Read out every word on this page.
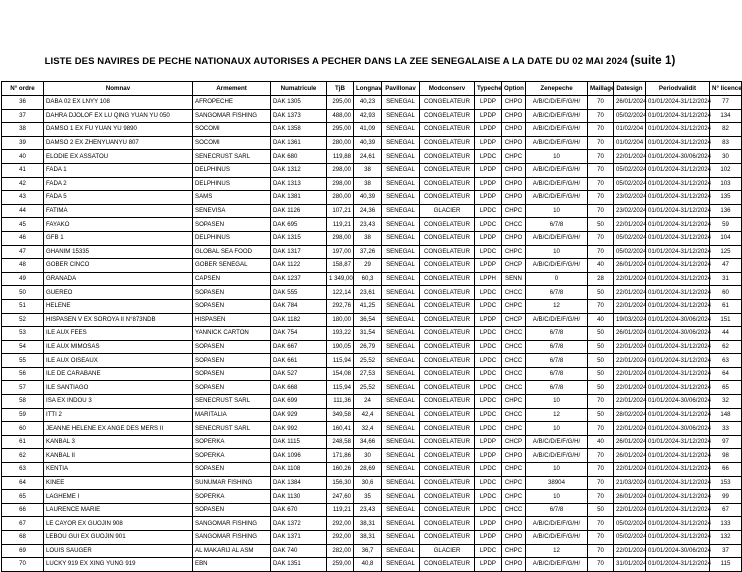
LISTE DES NAVIRES DE PECHE NATIONAUX AUTORISES A PECHER DANS LA ZEE SENEGALAISE A LA DATE DU 02 MAI 2024 (suite 1)
N° ordre	Nomnav	Armement	Numatricule	TjB	Longnav	Pavillonav	Modconserv	Typeche	Option	Zenepeche	Maillage	Datesign	Periodvalidit	N° licence
36	DABA 02 EX LNYY 108	AFROPECHE	DAK 1305	295,00	40,23	SENEGAL	CONGELATEUR	LPDP	CHPO	A/B/C/D/E/F/G/H/	70	26/01/2024	01/01/2024-31/12/2024	77
37	DAHRA DJOLOF EX LU QING YUAN YU 050	SANGOMAR FISHING	DAK 1373	488,00	42,93	SENEGAL	CONGELATEUR	LPDP	CHPO	A/B/C/D/E/F/G/H/	70	05/02/2024	01/01/2024-31/12/2024	134
38	DAMSO 1 EX FU YUAN YU 9890	SOCOMI	DAK 1358	295,00	41,09	SENEGAL	CONGELATEUR	LPDP	CHPO	A/B/C/D/E/F/G/H/	70	01/02/204	01/01/2024-31/12/2024	82
39	DAMSO 2 EX ZHENYUANYU 807	SOCOMI	DAK 1361	280,00	40,39	SENEGAL	CONGELATEUR	LPDP	CHPO	A/B/C/D/E/F/G/H/	70	01/02/204	01/01/2024-31/12/2024	83
40	ELODIE EX ASSATOU	SENECRUST SARL	DAK 680	119,88	24,61	SENEGAL	CONGELATEUR	LPDC	CHPC	10	70	22/01/2024	01/01/2024-30/06/2024	30
41	FADA 1	DELPHINUS	DAK 1312	298,00	38	SENEGAL	CONGELATEUR	LPDP	CHPO	A/B/C/D/E/F/G/H/	70	05/02/2024	01/01/2024-31/12/2024	102
42	FADA 2	DELPHINUS	DAK 1313	298,00	38	SENEGAL	CONGELATEUR	LPDP	CHPO	A/B/C/D/E/F/G/H/	70	05/02/2024	01/01/2024-31/12/2024	103
43	FADA 5	SAMS	DAK 1381	280,00	40,39	SENEGAL	CONGELATEUR	LPDP	CHPO	A/B/C/D/E/F/G/H/	70	23/02/2024	01/01/2024-31/12/2024	135
44	FATIMA	SENEVISA	DAK 1126	107,21	24,36	SENEGAL	GLACIER	LPDC	CHPC	10	70	23/02/2024	01/01/2024-31/12/2024	136
45	FAYAKO	SOPASEN	DAK 695	119,21	23,43	SENEGAL	CONGELATEUR	LPDC	CHCC	6/7/8	50	22/01/2024	01/01/2024-31/12/2024	59
46	GFB 1	DELPHINUS	DAK 1315	298,00	38	SENEGAL	CONGELATEUR	LPDP	CHPO	A/B/C/D/E/F/G/H/	70	05/02/2024	01/01/2024-31/12/2024	104
47	GHANIM 15335	GLOBAL SEA FOOD	DAK 1317	197,00	37,26	SENEGAL	CONGELATEUR	LPDC	CHPC	10	70	05/02/2024	01/01/2024-31/12/2024	125
48	GOBER CINCO	GOBER SENEGAL	DAK 1122	158,87	29	SENEGAL	CONGELATEUR	LPDP	CHCP	A/B/C/D/E/F/G/H/	40	26/01/2024	01/01/2024-31/12/2024	47
49	GRANADA	CAPSEN	DAK 1237	1 349,00	60,3	SENEGAL	CONGELATEUR	LPPH	SENN	0	28	22/01/2024	01/01/2024-31/12/2024	31
50	GUEREO	SOPASEN	DAK 555	122,14	23,61	SENEGAL	CONGELATEUR	LPDC	CHCC	6/7/8	50	22/01/2024	01/01/2024-31/12/2024	60
51	HELENE	SOPASEN	DAK 784	292,76	41,25	SENEGAL	CONGELATEUR	LPDC	CHPC	12	70	22/01/2024	01/01/2024-31/12/2024	61
52	HISPASEN V EX SOROYA II N°873NDB	HISPASEN	DAK 1182	180,00	36,54	SENEGAL	CONGELATEUR	LPDP	CHCP	A/B/C/D/E/F/G/H/	40	19/03/2024	01/01/2024-30/06/2024	151
53	ILE AUX FEES	YANNICK CARTON	DAK 754	193,22	31,54	SENEGAL	CONGELATEUR	LPDC	CHCC	6/7/8	50	26/01/2024	01/01/2024-30/06/2024	44
54	ILE AUX MIMOSAS	SOPASEN	DAK 667	190,05	26,79	SENEGAL	CONGELATEUR	LPDC	CHCC	6/7/8	50	22/01/2024	01/01/2024-31/12/2024	62
55	ILE AUX OISEAUX	SOPASEN	DAK 661	115,94	25,52	SENEGAL	CONGELATEUR	LPDC	CHCC	6/7/8	50	22/01/2024	01/01/2024-31/12/2024	63
56	ILE DE CARABANE	SOPASEN	DAK 527	154,08	27,53	SENEGAL	CONGELATEUR	LPDC	CHCC	6/7/8	50	22/01/2024	01/01/2024-31/12/2024	64
57	ILE SANTIAGO	SOPASEN	DAK 668	115,94	25,52	SENEGAL	CONGELATEUR	LPDC	CHCC	6/7/8	50	22/01/2024	01/01/2024-31/12/2024	65
58	ISA EX INDOU 3	SENECRUST SARL	DAK 699	111,36	24	SENEGAL	CONGELATEUR	LPDC	CHPC	10	70	22/01/2024	01/01/2024-30/06/2024	32
59	ITTI 2	MARITALIA	DAK 929	349,58	42,4	SENEGAL	CONGELATEUR	LPDC	CHCC	12	50	28/02/2024	01/01/2024-31/12/2024	148
60	JEANNE HELENE EX ANGE DES MERS II	SENECRUST SARL	DAK 992	160,41	32,4	SENEGAL	CONGELATEUR	LPDC	CHPC	10	70	22/01/2024	01/01/2024-30/06/2024	33
61	KANBAL 3	SOPERKA	DAK 1115	248,58	34,66	SENEGAL	CONGELATEUR	LPDP	CHCP	A/B/C/D/E/F/G/H/	40	26/01/2024	01/01/2024-31/12/2024	97
62	KANBAL II	SOPERKA	DAK 1096	171,86	30	SENEGAL	CONGELATEUR	LPDP	CHPO	A/B/C/D/E/F/G/H/	70	26/01/2024	01/01/2024-31/12/2024	98
63	KENTIA	SOPASEN	DAK 1108	160,26	28,69	SENEGAL	CONGELATEUR	LPDC	CHPC	10	70	22/01/2024	01/01/2024-31/12/2024	66
64	KINEE	SUNUMAR FISHING	DAK 1384	156,30	30,6	SENEGAL	CONGELATEUR	LPDC	CHPC	38904	70	21/03/2024	01/01/2024-31/12/2024	153
65	LAGHEME I	SOPERKA	DAK 1130	247,60	35	SENEGAL	CONGELATEUR	LPDC	CHPC	10	70	26/01/2024	01/01/2024-31/12/2024	99
66	LAURENCE MARIE	SOPASEN	DAK 670	119,21	23,43	SENEGAL	CONGELATEUR	LPDC	CHCC	6/7/8	50	22/01/2024	01/01/2024-31/12/2024	67
67	LE CAYOR EX GUOJIN 908	SANGOMAR FISHING	DAK 1372	292,00	38,31	SENEGAL	CONGELATEUR	LPDP	CHPO	A/B/C/D/E/F/G/H/	70	05/02/2024	01/01/2024-31/12/2024	133
68	LEBOU GUI EX GUOJIN 901	SANGOMAR FISHING	DAK 1371	292,00	38,31	SENEGAL	CONGELATEUR	LPDP	CHPO	A/B/C/D/E/F/G/H/	70	05/02/2024	01/01/2024-31/12/2024	132
69	LOUIS SAUGER	AL MAKARIJ AL ASM	DAK 740	282,00	36,7	SENEGAL	GLACIER	LPDC	CHPC	12	70	22/01/2024	01/01/2024-30/06/2024	37
70	LUCKY 919 EX XING YUNG 919	EBN	DAK 1351	259,00	40,8	SENEGAL	CONGELATEUR	LPDP	CHPO	A/B/C/D/E/F/G/H/	70	31/01/2024	01/01/2024-31/12/2024	115
